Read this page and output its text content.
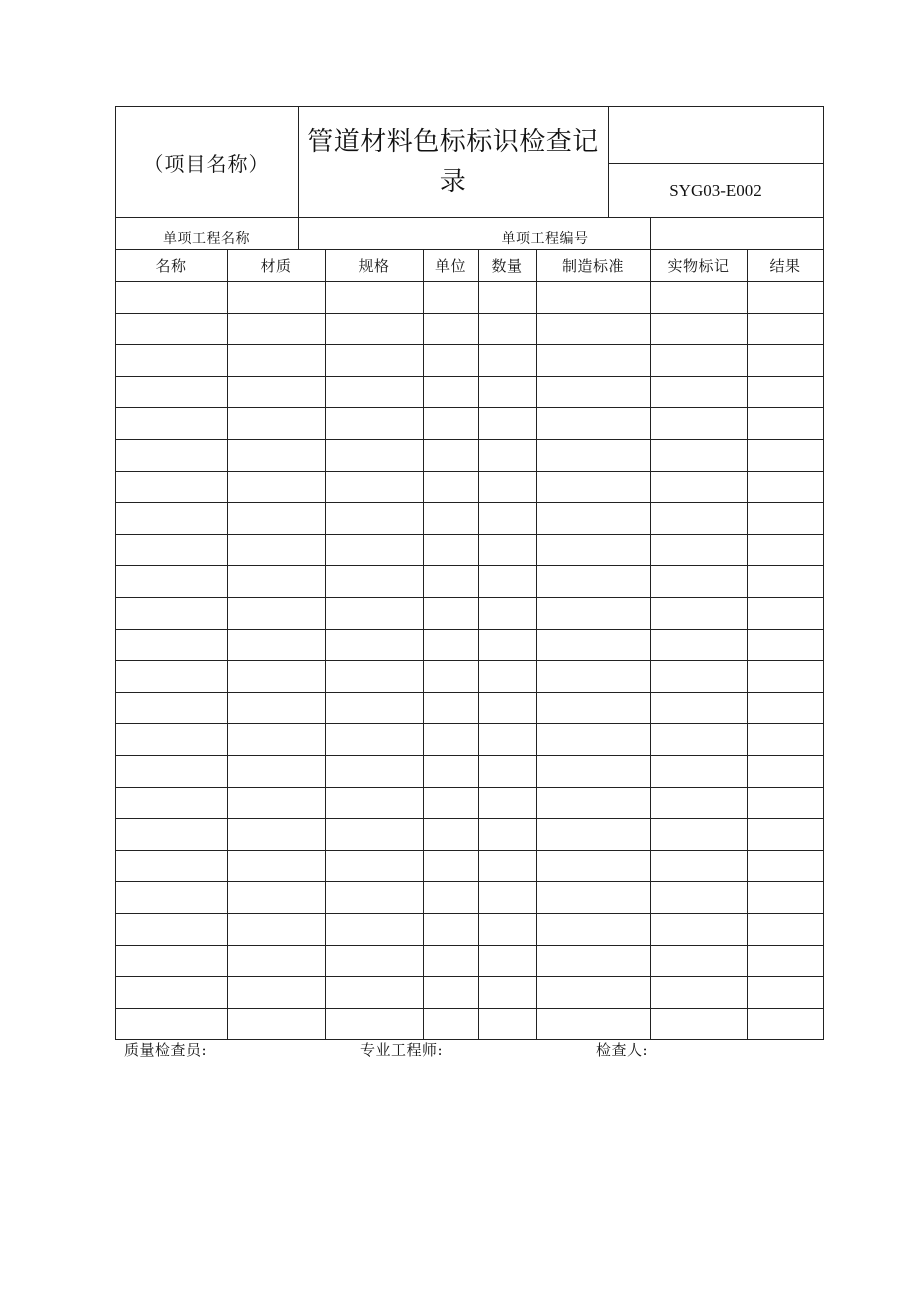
（项目名称）
管道材料色标标识检查记
录	SYG03-E002
单项工程名称	单项工程编号
名称	材质	规格	单位	数量	制造标准	实物标记	结果
质量检查员:	专业工程师:	检查人:
